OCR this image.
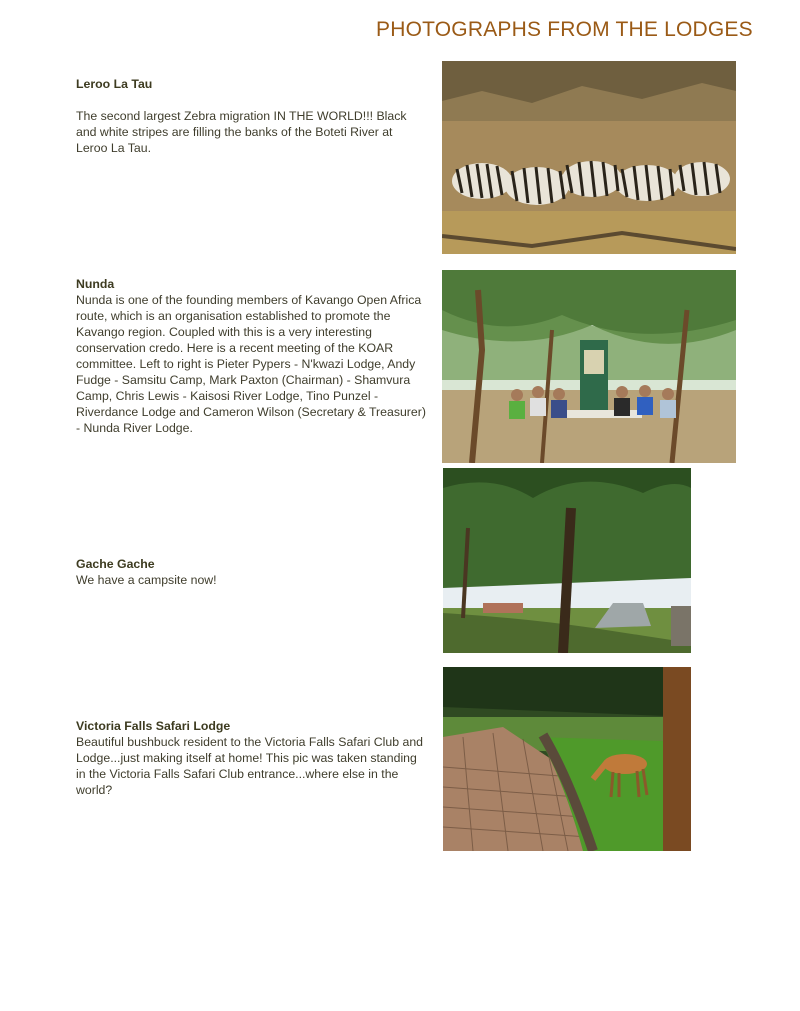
PHOTOGRAPHS FROM THE LODGES
Leroo La Tau
The second largest Zebra migration IN THE WORLD!!! Black and white stripes are filling the banks of the Boteti River at Leroo La Tau.
Nunda
Nunda is one of the founding members of Kavango Open Africa route, which is an organisation established to promote the Kavango region. Coupled with this is a very interesting conservation credo. Here is a recent meeting of the KOAR committee. Left to right is Pieter Pypers - N'kwazi Lodge, Andy Fudge - Samsitu Camp, Mark Paxton (Chairman) - Shamvura Camp, Chris Lewis - Kaisosi River Lodge, Tino Punzel - Riverdance Lodge and Cameron Wilson (Secretary & Treasurer) - Nunda River Lodge.
Gache Gache
We have a campsite now!
Victoria Falls Safari Lodge
Beautiful bushbuck resident to the Victoria Falls Safari Club and Lodge...just making itself at home! This pic was taken standing in the Victoria Falls Safari Club entrance...where else in the world?
